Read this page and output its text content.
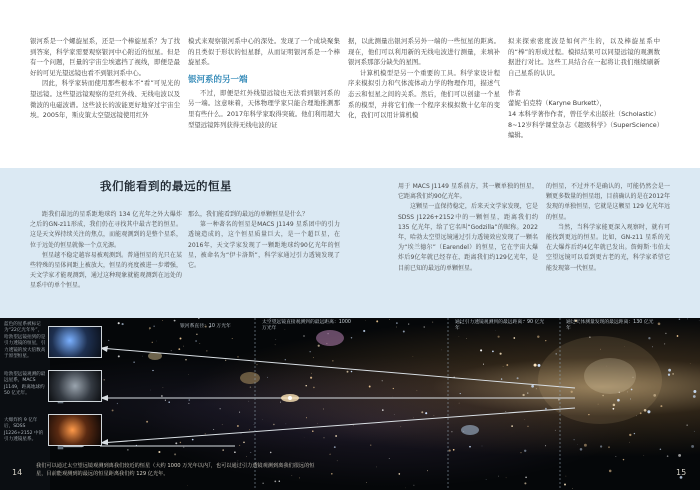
银河系是一个螺旋星系，还是一个棒旋星系？为了找到答案，科学家需要观察银河中心附近的恒星。但是有一个问题，巨量的宇宙尘埃遮挡了视线，即便是最好的可见光望远镜也看不到银河系中心。

因此，科学家转而使用那些根本不“看”可见光的望远镜。这些望远镜观察的是红外线、无线电波以及微波的电磁波谱。这些波长的波能更好地穿过宇宙尘埃。2005年，斯皮策太空望远镜使用红外

模式来观察银河系中心的深处。发现了一个成块聚集的且类似于形状的恒星群，从而证明银河系是一个棒旋星系。

银河系的另一端

不过，即便是红外线望远镜也无法看到银河系的另一端。这意味着，天体物理学家只能合理地推测那里有些什么。2017年科学家取得突破。他们利用超大型望远镜阵列获得无线电波的证

据，以此测量出银河系另外一端的一些恒星的距离。现在，他们可以利用新的无线电波进行测量，来填补银河系那部分缺失的星图。

计算机模型是另一个重要的工具。科学家设计程序来模拟引力和气体流体动力学的物理作用，描述气态云和恒星之间的关系。然后，他们可以创建一个星系的模型，并将它们像一个程序来模拟数十亿年的变化，我们可以用计算机模

拟来探索密度波是如何产生的，以及棒旋星系中的“棒”的形成过程。模拟结果可以同望远镜的观测数据进行对比。这些工具结合在一起将让我们继续刷新自己星系的认识。

作者

蕾妮·伯克特（Karyne Burkett），

14 本科学著作作者，曾任学术出版社（Scholastic）8~12岁科学课堂杂志《超级科学》（SuperScience）编辑。

我们能看到的最远的恒星

距我们最远的星系距地球约 134 亿光年之外大爆炸之后的GN-z11形成，我们仍在寻找其中最古老的恒星。这是天文界持续关注的焦点，而能观测到的是整个星系，位于远处的恒星就像一个点光源。

恒星越不稳定越容易被观测到。普通恒星的光只在某些特殊的星体间距上被放大，恒星的亮度被进一步增强，天文学家才能观测到，通过这种现象就能观测到在远处的星系中的单个恒星。

那么，我们能看到的最远的单颗恒星是什么？

第一种著名的恒星是MACS J1149 星系团中的引力透镜造成的，这个恒星质量巨大，是一个超巨星，在2016年，天文学家发现了一颗距地球约90亿光年的恒星，被命名为“伊卡洛斯”，科学家通过引力透镜发现了它。

用于 MACS J1149 星系前方，其一颗单独的恒星，它距离我们约90亿光年。

这颗星一直保持稳定，后来天文学家发现，它是SDSS J1226+2152中的一颗恒星，距离我们约 135 亿光年，给了它名叫“Godzilla”的昵称。2022年，哈勃太空望远镜通过引力透镜效应发现了一颗名为“埃兰德尔”（Earendel）的恒星，它在宇宙大爆炸后9亿年就已经存在，距离我们约129亿光年，是目前已知的最远的单颗恒星。

的恒星，不过并不是确认的，可能仍然会是一颗更多数量的恒星组，目前确认的是在2012年发现的单独恒星，它就是这颗星 129 亿光年远的恒星。

当然，当科学家能更深入观察时，就有可能找到更远的恒星。比如，GN-z11 星系的光在大爆炸后约4亿年就已发出。詹姆斯·韦伯太空望远镜可以看到更古老的光，科学家希望它能发现第一代恒星。

蓝色的星系被标记为“22亿光年外”，哈勃望远镜拍到的是引力透镜的恒星，引力透镜的放大倍数高于原型恒星。
哈勃望远镜观测的最远星系，MACS J1149，距离地球约 50 亿光年。
大爆炸约 9 亿年后，SDSS J1226+2152 中的引力透镜星系。
银河系直径：10 万光年
太空望远镜直接观测到的最远距离：1000 万光年
通过引力透镜观测到的最远距离：90 亿光年
通过天体测量发现的最远距离：130 亿光年
我们可以通过太空望远镜观测到离我们较近的恒星（大约 1000 万光年以内），也可以通过引力透镜观测到离我们很远的恒星，目前能观测到的最远的恒星距离我们约 129 亿光年。
14	15
